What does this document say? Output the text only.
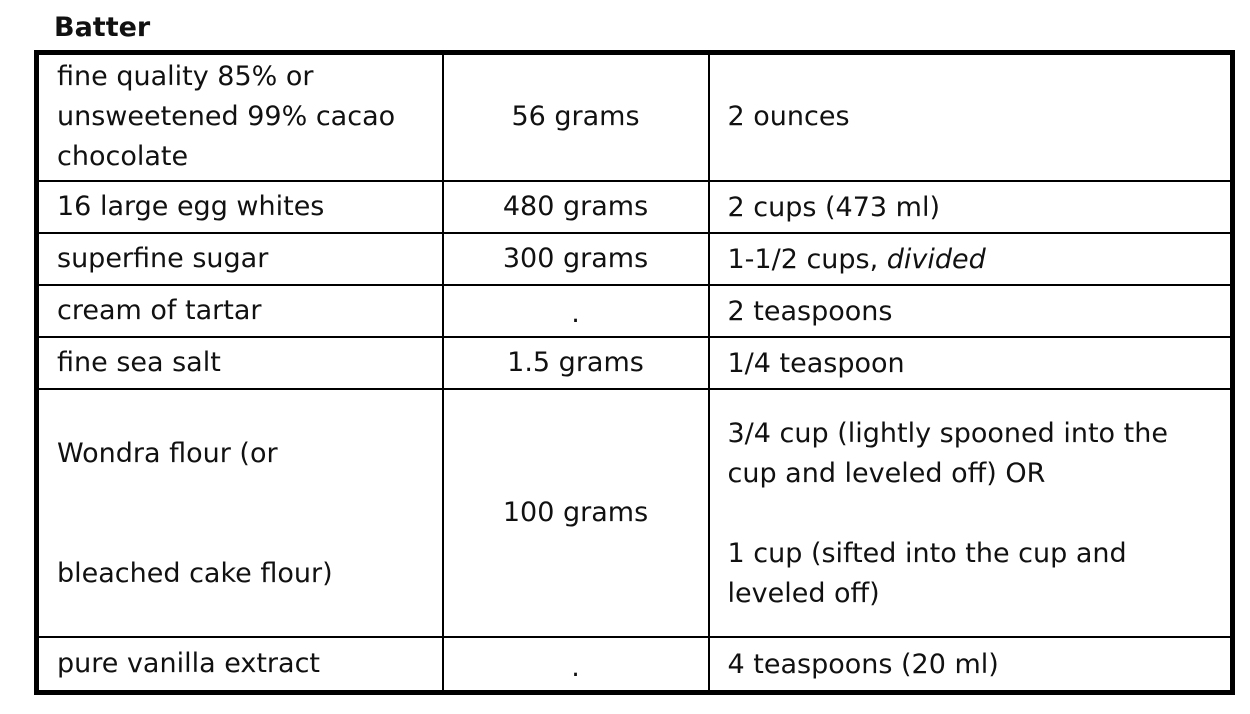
Batter
fine quality 85% or
unsweetened 99% cacao
chocolate	56 grams	2 ounces

16 large egg whites	480 grams	2 cups (473 ml)
superfine sugar	300 grams	1-1/2 cups, divided
cream of tartar	.	2 teaspoons
fine sea salt	1.5 grams	1/4 teaspoon

Wondra flour (or
bleached cake flour)	100 grams	3/4 cup (lightly spooned into the
cup and leveled off) OR
1 cup (sifted into the cup and
leveled off)

pure vanilla extract	.	4 teaspoons (20 ml)
